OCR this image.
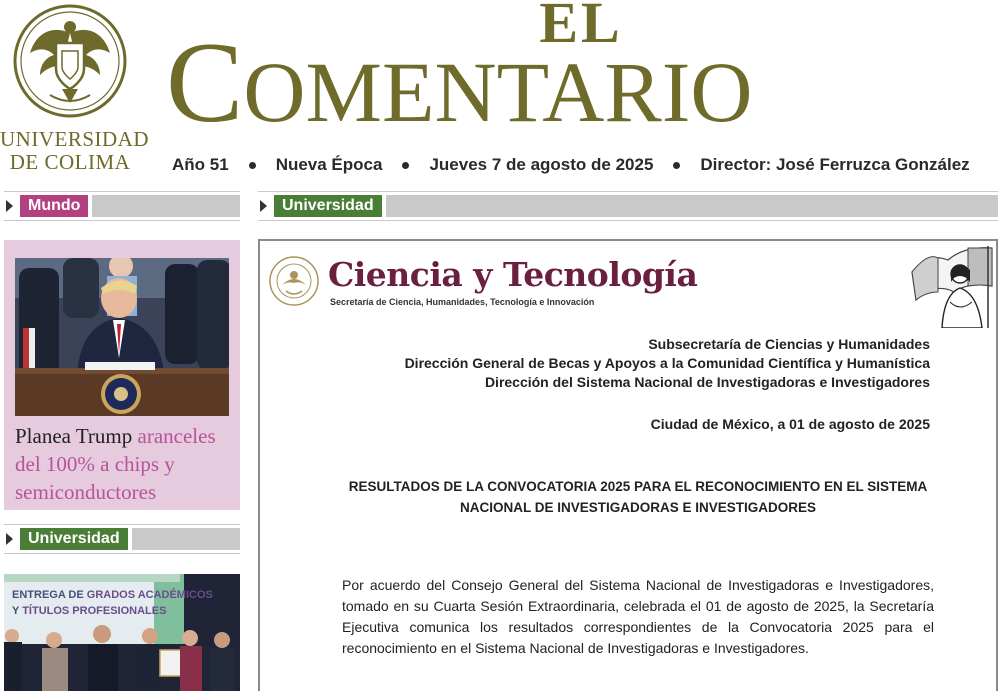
UNIVERSIDAD
DE COLIMA
EL
COMENTARIO
Año 51	Nueva Época	Jueves 7 de agosto de 2025	Director: José Ferruzca González
Mundo	Universidad
Universidad
Planea Trump aranceles del 100% a chips y semiconductores
ENTREGA DE GRADOS ACADÉMICOS
Y TÍTULOS PROFESIONALES
Ciencia y Tecnología
Secretaría de Ciencia, Humanidades, Tecnología e Innovación
Subsecretaría de Ciencias y Humanidades
Dirección General de Becas y Apoyos a la Comunidad Científica y Humanística
Dirección del Sistema Nacional de Investigadoras e Investigadores
Ciudad de México, a 01 de agosto de 2025
RESULTADOS DE LA CONVOCATORIA 2025 PARA EL RECONOCIMIENTO EN EL SISTEMA NACIONAL DE INVESTIGADORAS E INVESTIGADORES
Por acuerdo del Consejo General del Sistema Nacional de Investigadoras e Investigadores, tomado en su Cuarta Sesión Extraordinaria, celebrada el 01 de agosto de 2025, la Secretaría Ejecutiva comunica los resultados correspondientes de la Convocatoria 2025 para el reconocimiento en el Sistema Nacional de Investigadoras e Investigadores.
